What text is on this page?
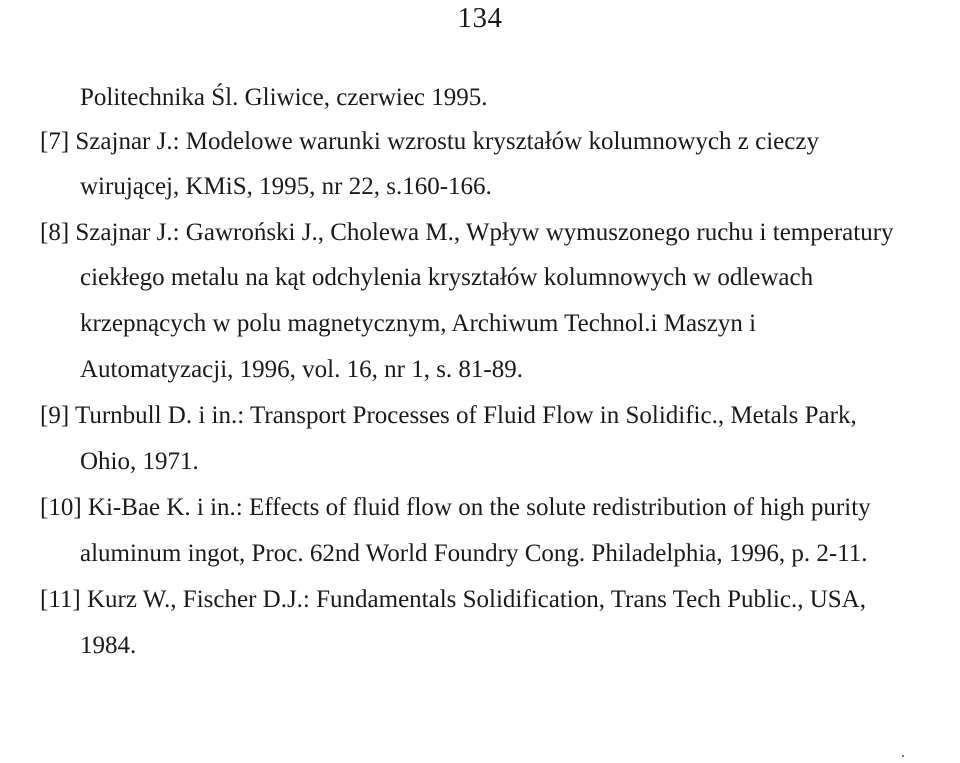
134
Politechnika Śl. Gliwice, czerwiec 1995.
[7] Szajnar J.: Modelowe warunki wzrostu kryształów kolumnowych z cieczy
wirującej, KMiS, 1995, nr 22, s.160-166.
[8] Szajnar J.: Gawroński J., Cholewa M., Wpływ wymuszonego ruchu i temperatury
ciekłego metalu na kąt odchylenia kryształów kolumnowych w odlewach
krzepnących w polu magnetycznym, Archiwum Technol.i Maszyn i
Automatyzacji, 1996, vol. 16, nr 1, s. 81-89.
[9] Turnbull D. i in.: Transport Processes of Fluid Flow in Solidific., Metals Park,
Ohio, 1971.
[10] Ki-Bae K. i in.: Effects of fluid flow on the solute redistribution of high purity
aluminum ingot, Proc. 62nd World Foundry Cong. Philadelphia, 1996, p. 2-11.
[11] Kurz W., Fischer D.J.: Fundamentals Solidification, Trans Tech Public., USA,
1984.
